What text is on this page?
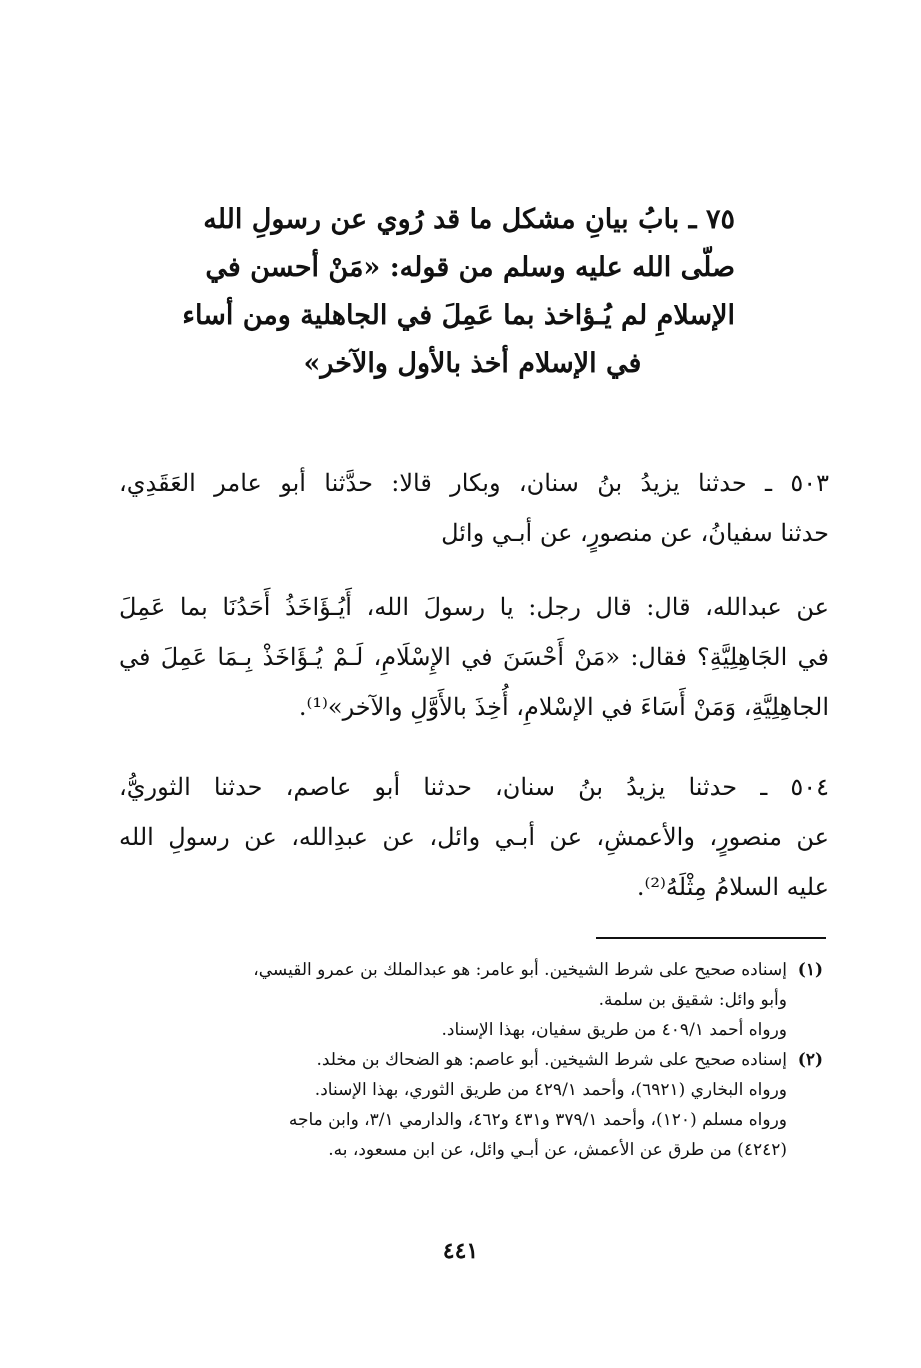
٧٥ ـ بابُ بيانِ مشكل ما قد رُوي عن رسولِ الله
صلّى الله عليه وسلم من قوله: «مَنْ أحسن في
الإسلامِ لم يُـؤاخذ بما عَمِلَ في الجاهلية ومن أساء
في الإسلام أخذ بالأول والآخر»
٥٠٣ ـ حدثنا يزيدُ بنُ سنان، وبكار قالا: حدَّثنا أبو عامر العَقَدِي،
حدثنا سفيانُ، عن منصورٍ، عن أبـي وائل
عن عبدالله، قال: قال رجل: يا رسولَ الله، أَيُـؤَاخَذُ أَحَدُنَا بما عَمِلَ
في الجَاهِلِيَّةِ؟ فقال: «مَنْ أَحْسَنَ في الإِسْلَامِ، لَـمْ يُـؤَاخَذْ بِـمَا عَمِلَ في
الجاهِلِيَّةِ، وَمَنْ أَسَاءَ في الإسْلامِ، أُخِذَ بالأَوَّلِ والآخر»⁽¹⁾.
٥٠٤ ـ حدثنا يزيدُ بنُ سنان، حدثنا أبو عاصم، حدثنا الثوريُّ،
عن منصورٍ، والأعمشِ، عن أبـي وائل، عن عبدِالله، عن رسولِ الله
عليه السلامُ مِثْلَهُ⁽²⁾.
(١)إسناده صحيح على شرط الشيخين. أبو عامر: هو عبدالملك بن عمرو القيسي،
وأبو وائل: شقيق بن سلمة.
ورواه أحمد ٤٠٩/١ من طريق سفيان، بهذا الإسناد.
(٢)إسناده صحيح على شرط الشيخين. أبو عاصم: هو الضحاك بن مخلد.
ورواه البخاري (٦٩٢١)، وأحمد ٤٢٩/١ من طريق الثوري، بهذا الإسناد.
ورواه مسلم (١٢٠)، وأحمد ٣٧٩/١ و٤٣١ و٤٦٢، والدارمي ٣/١، وابن ماجه
(٤٢٤٢) من طرق عن الأعمش، عن أبـي وائل، عن ابن مسعود، به.
٤٤١
